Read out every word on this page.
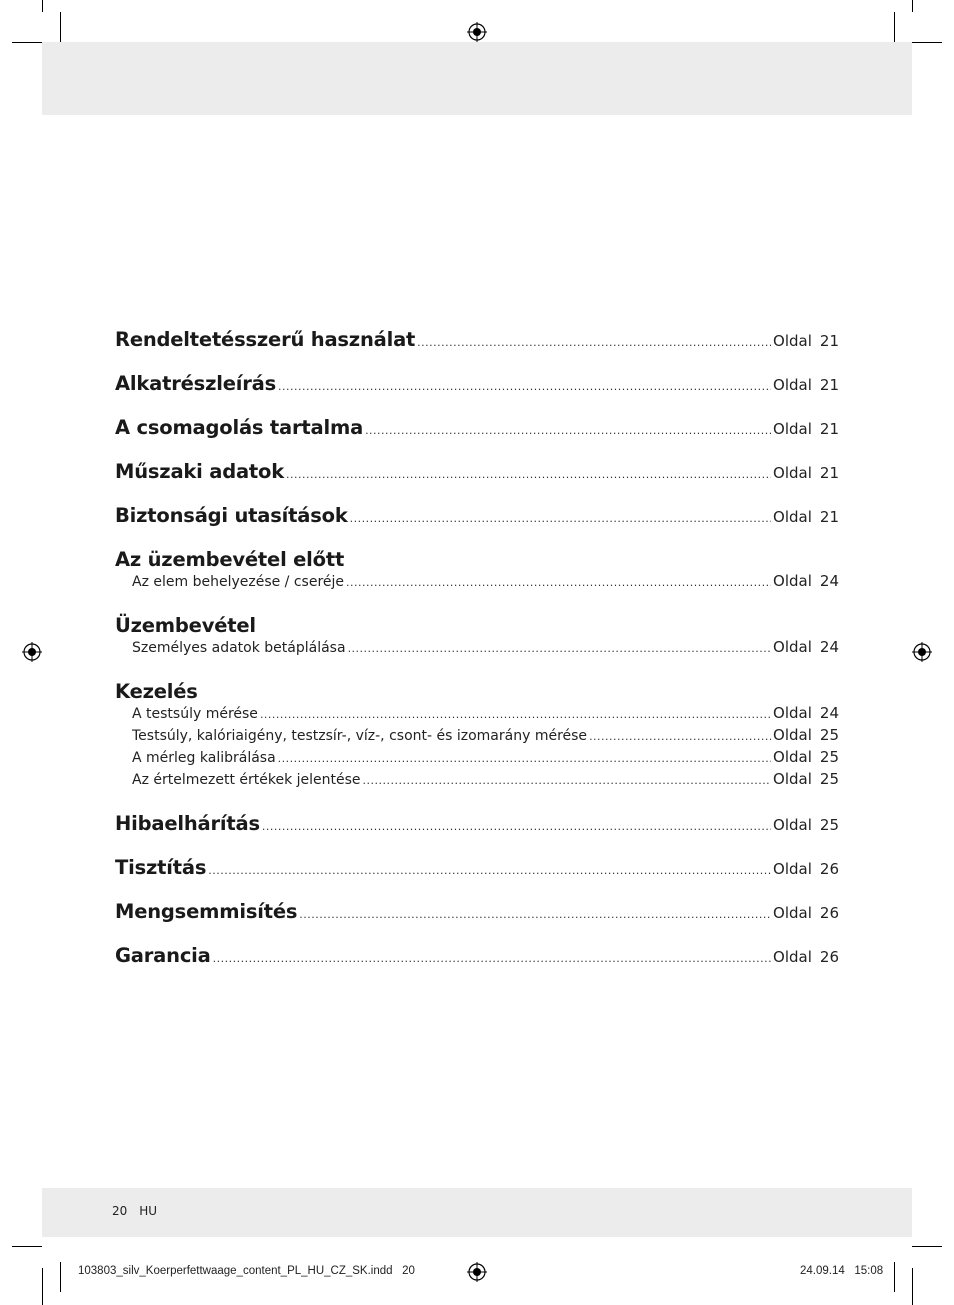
Rendeltetésszerű használat .....	Oldal 21
Alkatrészleírás .....	Oldal 21
A csomagolás tartalma .....	Oldal 21
Műszaki adatok .....	Oldal 21
Biztonsági utasítások .....	Oldal 21
Az üzembevétel előtt
Az elem behelyezése / cseréje .....	Oldal 24
Üzembevétel
Személyes adatok betáplálása .....	Oldal 24
Kezelés
A testsúly mérése .....	Oldal 24
Testsúly, kalóriaigény, testzsír-, víz-, csont- és izomarány mérése .....	Oldal 25
A mérleg kalibrálása .....	Oldal 25
Az értelmezett értékek jelentése .....	Oldal 25
Hibaelhárítás .....	Oldal 25
Tisztítás .....	Oldal 26
Mengsemmisítés .....	Oldal 26
Garancia .....	Oldal 26
20 HU
103803_silv_Koerperfettwaage_content_PL_HU_CZ_SK.indd 20	24.09.14 15:08
